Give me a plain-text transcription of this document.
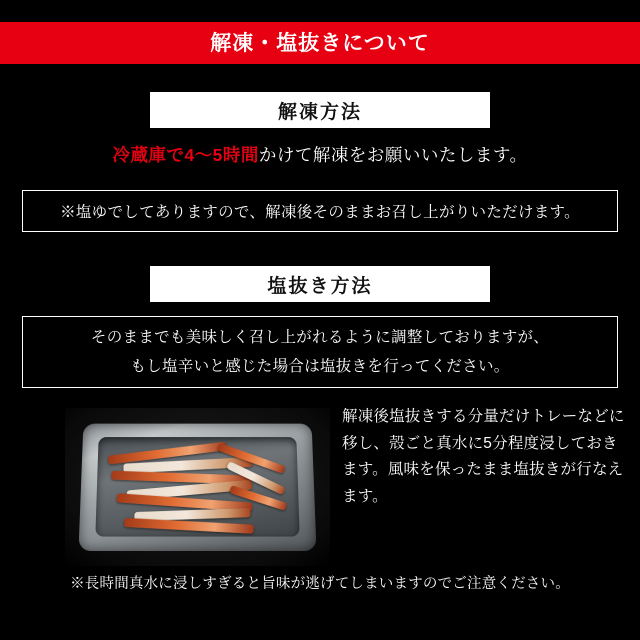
解凍・塩抜きについて
解凍方法
冷蔵庫で4〜5時間かけて解凍をお願いいたします。
※塩ゆでしてありますので、解凍後そのままお召し上がりいただけます。
塩抜き方法
そのままでも美味しく召し上がれるように調整しておりますが、
もし塩辛いと感じた場合は塩抜きを行ってください。
解凍後塩抜きする分量だけトレーなどに移し、殻ごと真水に5分程度浸しておきます。風味を保ったまま塩抜きが行なえます。
※長時間真水に浸しすぎると旨味が逃げてしまいますのでご注意ください。
